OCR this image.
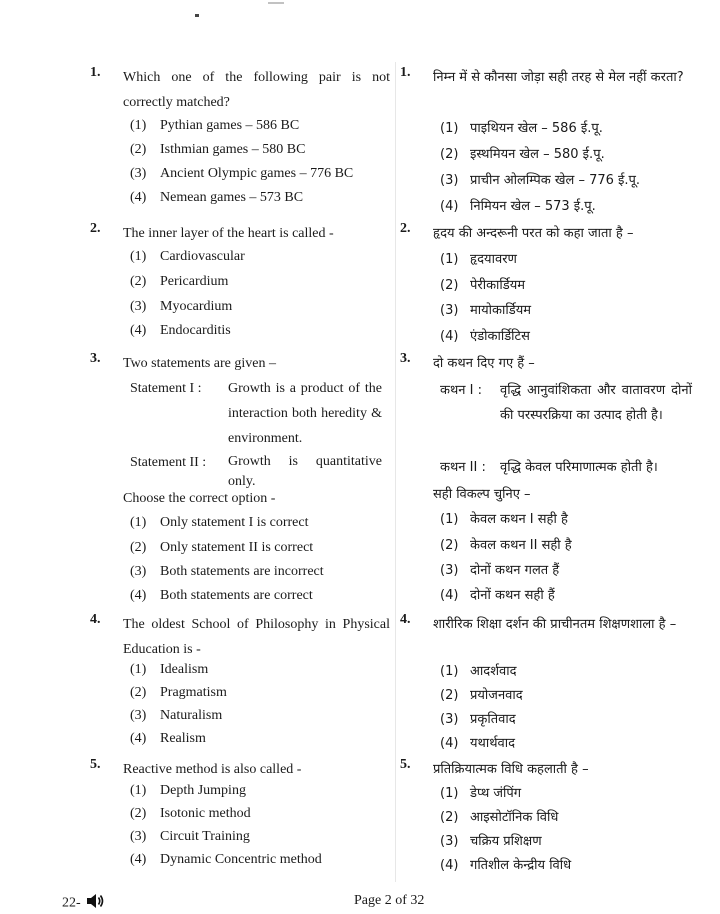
1. Which one of the following pair is not correctly matched?
(1) Pythian games – 586 BC
(2) Isthmian games – 580 BC
(3) Ancient Olympic games – 776 BC
(4) Nemean games – 573 BC
2. The inner layer of the heart is called -
(1) Cardiovascular
(2) Pericardium
(3) Myocardium
(4) Endocarditis
3. Two statements are given –
Statement I : Growth is a product of the interaction both heredity & environment.
Statement II : Growth is quantitative only.
Choose the correct option -
(1) Only statement I is correct
(2) Only statement II is correct
(3) Both statements are incorrect
(4) Both statements are correct
4. The oldest School of Philosophy in Physical Education is -
(1) Idealism
(2) Pragmatism
(3) Naturalism
(4) Realism
5. Reactive method is also called -
(1) Depth Jumping
(2) Isotonic method
(3) Circuit Training
(4) Dynamic Concentric method
1. निम्न में से कौनसा जोड़ा सही तरह से मेल नहीं करता?
(1) पाइथियन खेल – 586 ई.पू.
(2) इस्थमियन खेल – 580 ई.पू.
(3) प्राचीन ओलम्पिक खेल – 776 ई.पू.
(4) निमियन खेल – 573 ई.पू.
2. हृदय की अन्दरूनी परत को कहा जाता है –
(1) हृदयावरण
(2) पेरीकार्डियम
(3) मायोकार्डियम
(4) एंडोकार्डिटिस
3. दो कथन दिए गए हैं –
कथन I : वृद्धि आनुवांशिकता और वातावरण दोनों की परस्परक्रिया का उत्पाद होती है।
कथन II : वृद्धि केवल परिमाणात्मक होती है।
सही विकल्प चुनिए –
(1) केवल कथन I सही है
(2) केवल कथन II सही है
(3) दोनों कथन गलत हैं
(4) दोनों कथन सही हैं
4. शारीरिक शिक्षा दर्शन की प्राचीनतम शिक्षणशाला है –
(1) आदर्शवाद
(2) प्रयोजनवाद
(3) प्रकृतिवाद
(4) यथार्थवाद
5. प्रतिक्रियात्मक विधि कहलाती है –
(1) डेप्थ जंपिंग
(2) आइसोटॉनिक विधि
(3) चक्रिय प्रशिक्षण
(4) गतिशील केन्द्रीय विधि
22-	Page 2 of 32
